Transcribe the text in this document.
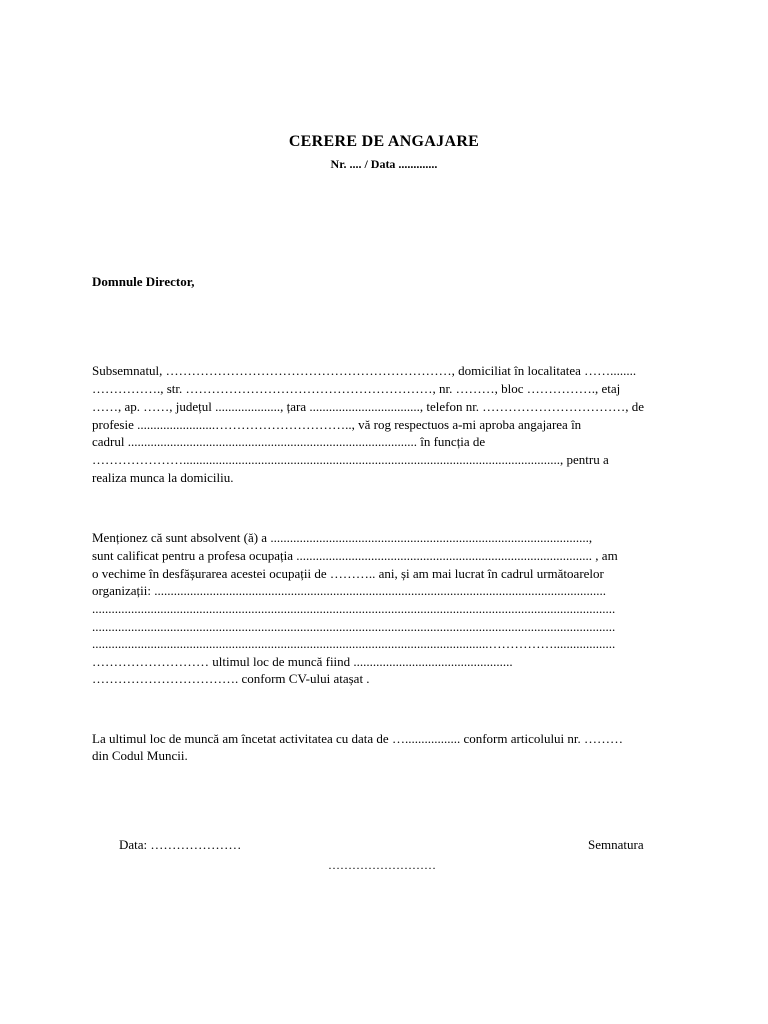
CERERE DE ANGAJARE
Nr. .... / Data .............
Domnule Director,
Subsemnatul, …………………………………………………………, domiciliat în localitatea ……........
……………., str. …………………………………………………, nr. ………, bloc ……………., etaj
……, ap. ……, județul ...................., țara .................................., telefon nr. ……………………………, de
profesie ........................………………………….., vă rog respectuos a-mi aproba angajarea în
cadrul ......................................................................................... în funcția de
…………………...................................................................................................................., pentru a
realiza munca la domiciliu.
Menționez că sunt absolvent (ă) a ..................................................................................................,
sunt calificat pentru a profesa ocupația ........................................................................................... , am
o vechime în desfășurarea acestei ocupații de ……….. ani, și am mai lucrat în cadrul următoarelor
organizații: ...........................................................................................................................................
.................................................................................................................................................................
.................................................................................................................................................................
..........................................................................................................................……………...................
……………………… ultimul loc de muncă fiind .................................................
……………………………. conform CV-ului atașat .
La ultimul loc de muncă am încetat activitatea cu data de …................. conform articolului nr. ………
din Codul Muncii.
Data: …………………	Semnatura
………………………
